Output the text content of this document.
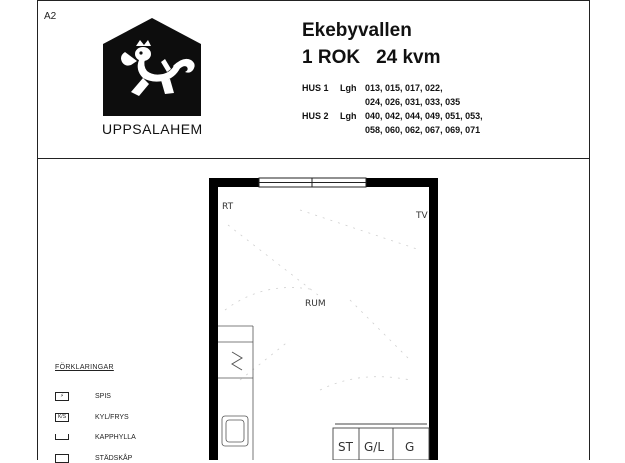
A2
UPPSALAHEM
Ekebyvallen
1 ROK 24 kvm
HUS 1	Lgh 013, 015, 017, 022,
024, 026, 031, 033, 035
HUS 2	Lgh 040, 042, 044, 049, 051, 053,
058, 060, 062, 067, 069, 071
RT
TV
RUM
ST G/L G
FÖRKLARINGAR
⚡	SPIS
K/S	KYL/FRYS
KAPPHYLLA
STÄDSKÅP
